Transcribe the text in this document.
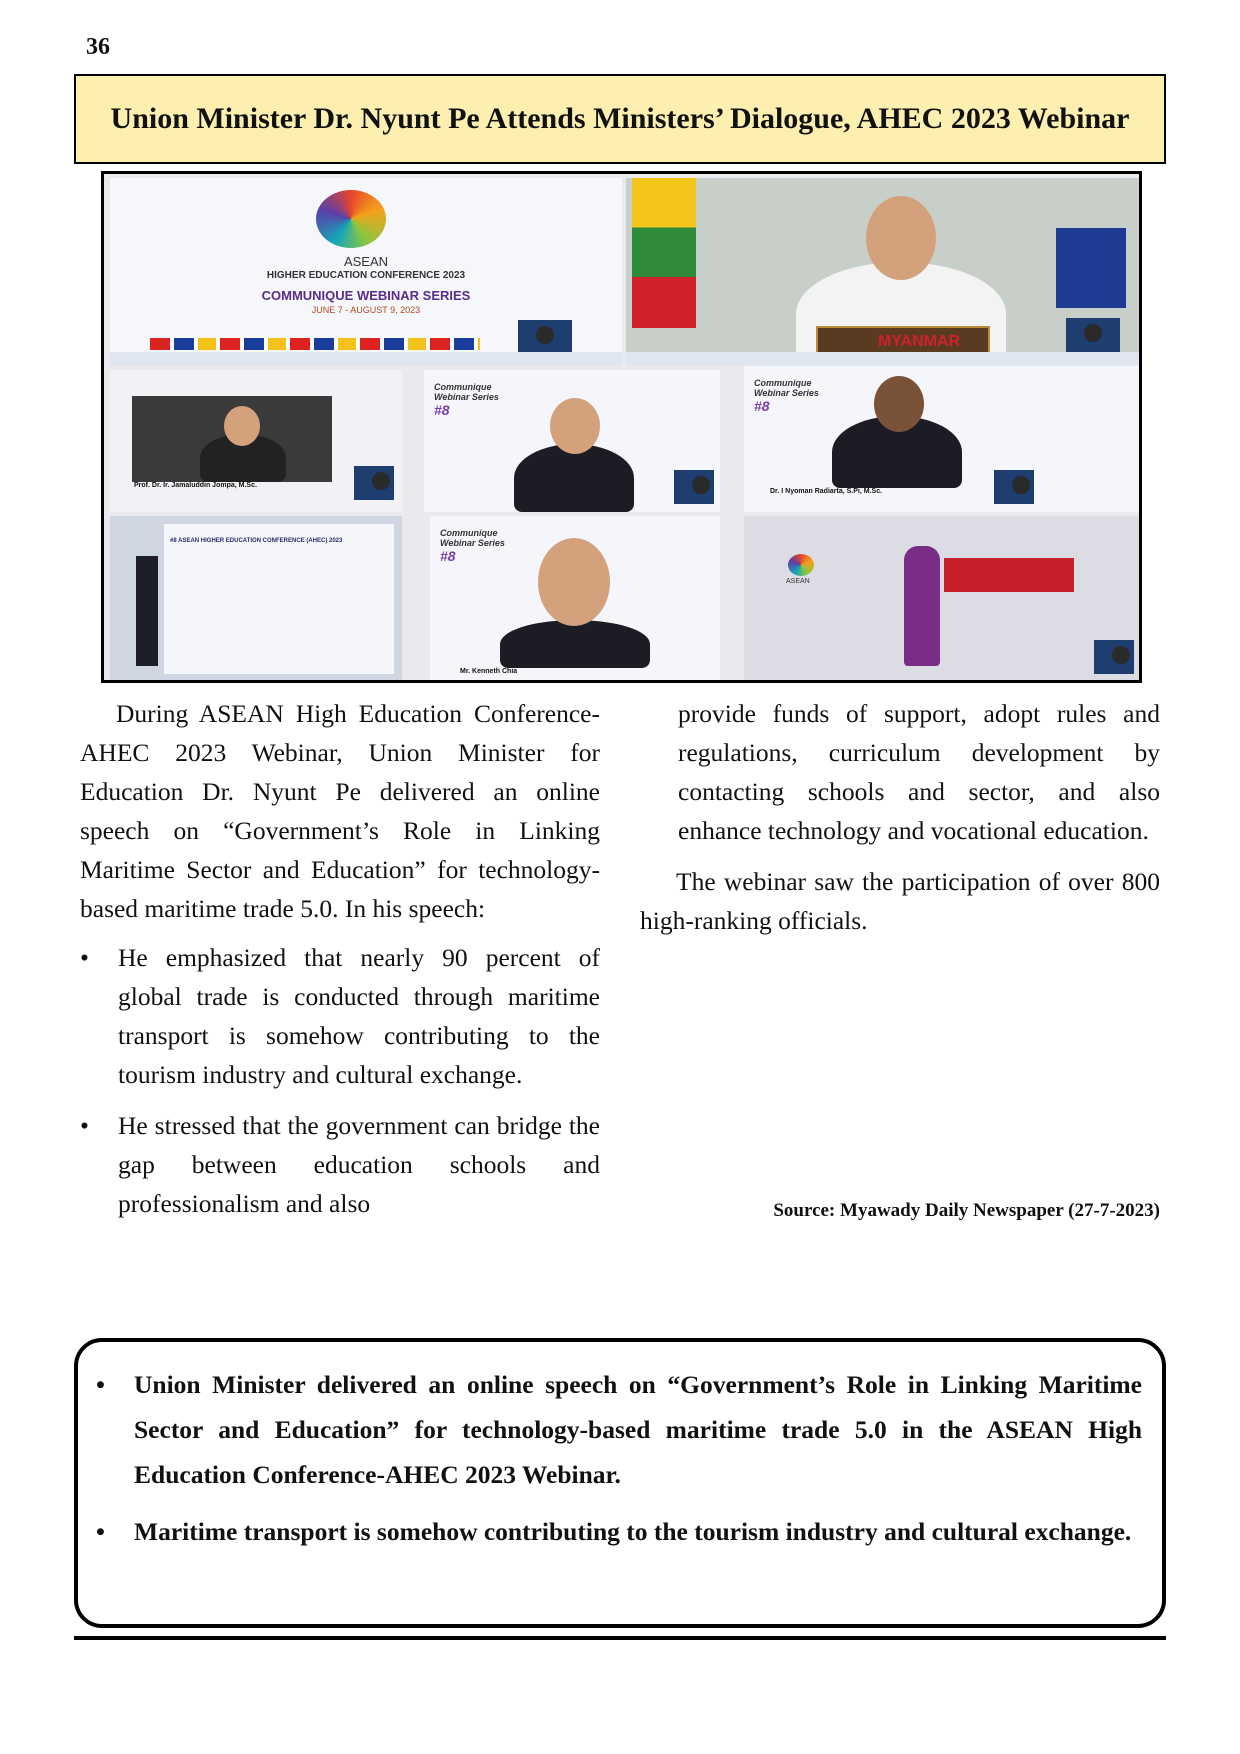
36
Union Minister Dr. Nyunt Pe Attends Ministers’ Dialogue, AHEC 2023 Webinar
ASEAN
HIGHER EDUCATION CONFERENCE 2023
COMMUNIQUE WEBINAR SERIES
JUNE 7 - AUGUST 9, 2023
MYANMAR
Prof. Dr. Ir. Jamaluddin Jompa, M.Sc.
Communique Webinar Series
#8
Communique Webinar Series
#8
Dr. I Nyoman Radiarta, S.Pi, M.Sc.
#8 ASEAN HIGHER EDUCATION CONFERENCE (AHEC) 2023
Communique Webinar Series
#8
Mr. Kenneth Chia
ASEAN

During ASEAN High Education Conference-AHEC 2023 Webinar, Union Minister for Education Dr. Nyunt Pe delivered an online speech on “Government’s Role in Linking Maritime Sector and Education” for technology-based maritime trade 5.0. In his speech:

• He emphasized that nearly 90 percent of global trade is conducted through maritime transport is somehow contributing to the tourism industry and cultural exchange.
• He stressed that the government can bridge the gap between education schools and professionalism and also

provide funds of support, adopt rules and regulations, curriculum development by contacting schools and sector, and also enhance technology and vocational education.

The webinar saw the participation of over 800 high-ranking officials.

Source: Myawady Daily Newspaper (27-7-2023)
• Union Minister delivered an online speech on “Government’s Role in Linking Maritime Sector and Education” for technology-based maritime trade 5.0 in the ASEAN High Education Conference-AHEC 2023 Webinar.
• Maritime transport is somehow contributing to the tourism industry and cultural exchange.
